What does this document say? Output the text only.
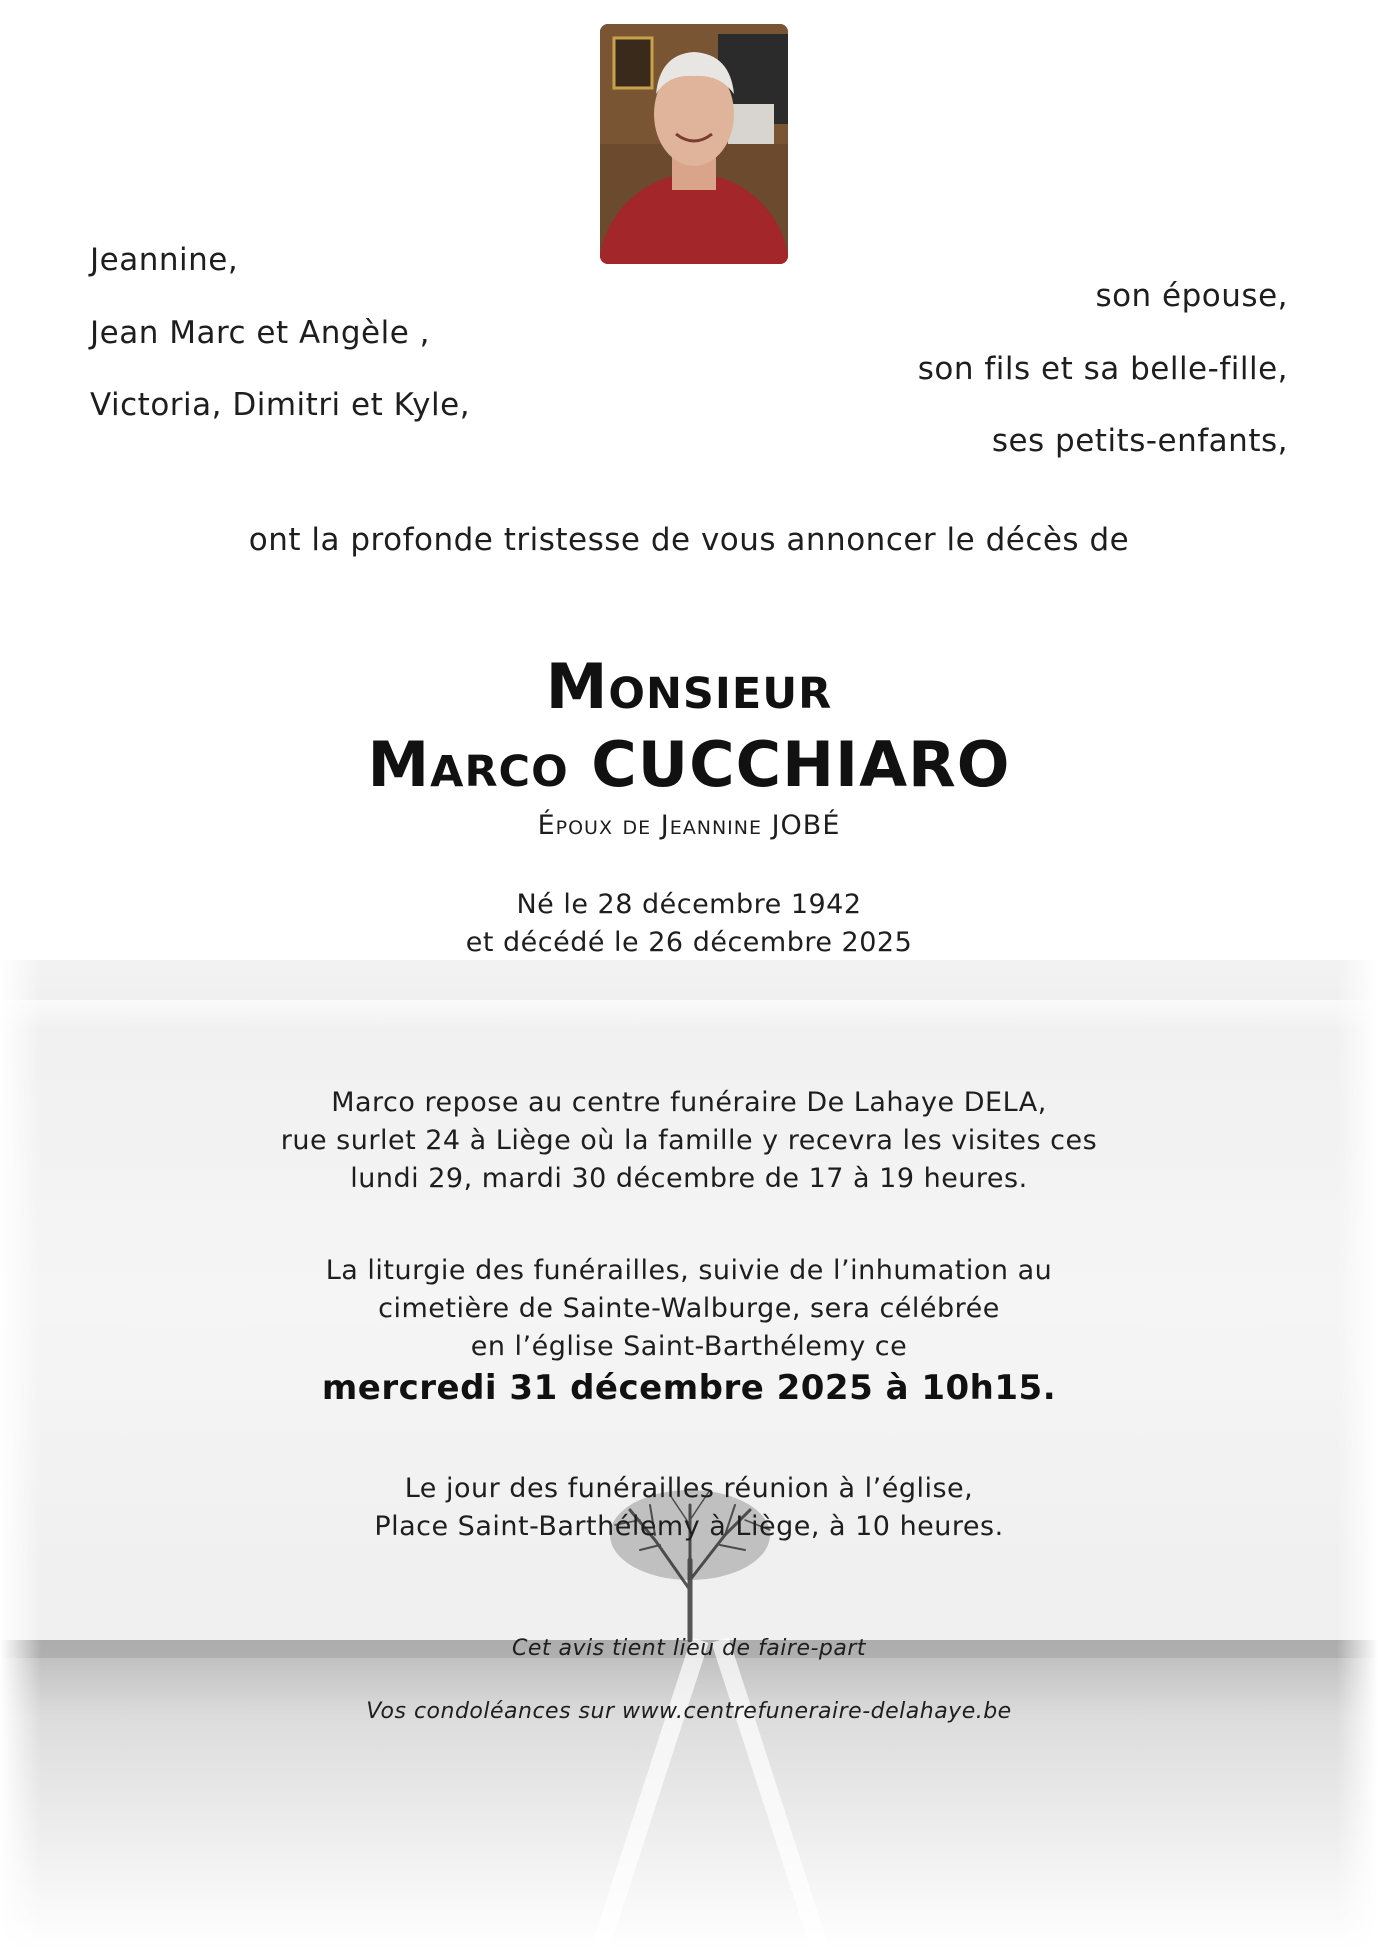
Jeannine,
son épouse,
Jean Marc et Angèle ,
son fils et sa belle-fille,
Victoria, Dimitri et Kyle,
ses petits-enfants,
ont la profonde tristesse de vous annoncer le décès de
Monsieur
Marco CUCCHIARO
Époux de Jeannine JOBÉ
Né le 28 décembre 1942
et décédé le 26 décembre 2025
Marco repose au centre funéraire De Lahaye DELA,
rue surlet 24 à Liège où la famille y recevra les visites ces
lundi 29, mardi 30 décembre de 17 à 19 heures.
La liturgie des funérailles, suivie de l’inhumation au
cimetière de Sainte-Walburge, sera célébrée
en l’église Saint-Barthélemy ce
mercredi 31 décembre 2025 à 10h15.
Le jour des funérailles réunion à l’église,
Place Saint-Barthélemy à Liège, à 10 heures.
Cet avis tient lieu de faire-part
Vos condoléances sur www.centrefuneraire-delahaye.be
